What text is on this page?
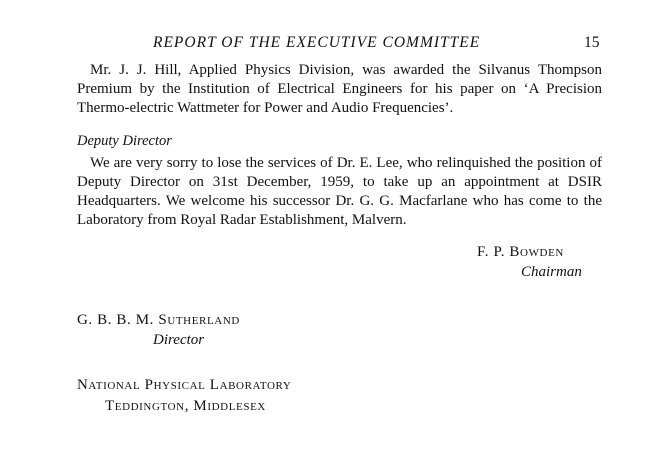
REPORT OF THE EXECUTIVE COMMITTEE	15

Mr. J. J. Hill, Applied Physics Division, was awarded the Silvanus Thompson Premium by the Institution of Electrical Engineers for his paper on ‘A Precision Thermo-electric Wattmeter for Power and Audio Frequencies’.

Deputy Director

We are very sorry to lose the services of Dr. E. Lee, who relinquished the position of Deputy Director on 31st December, 1959, to take up an appointment at DSIR Headquarters. We welcome his successor Dr. G. G. Macfarlane who has come to the Laboratory from Royal Radar Establishment, Malvern.

F. P. Bowden
Chairman
G. B. B. M. Sutherland
Director
National Physical Laboratory
Teddington, Middlesex
